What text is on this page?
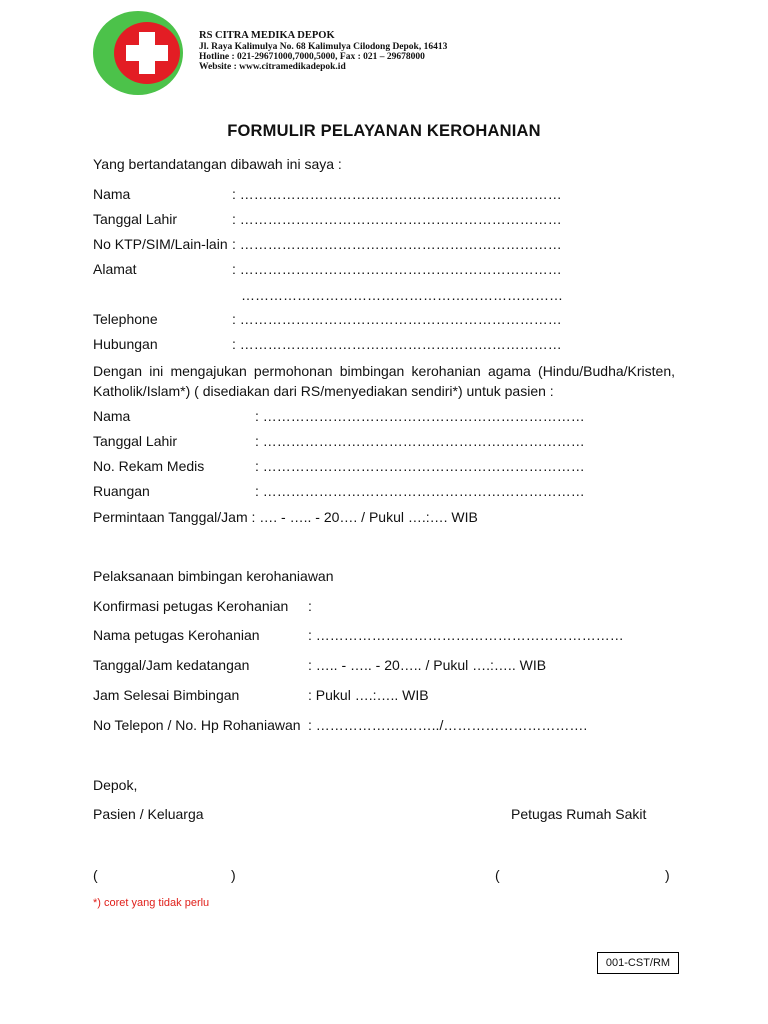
RS CITRA MEDIKA DEPOK
Jl. Raya Kalimulya No. 68 Kalimulya Cilodong Depok, 16413
Hotline : 021-29671000,7000,5000, Fax : 021 – 29678000
Website : www.citramedikadepok.id
FORMULIR PELAYANAN KEROHANIAN
Yang bertandatangan dibawah ini saya :
Nama	: ……………………………………………………………
Tanggal Lahir	: ……………………………………………………………
No KTP/SIM/Lain-lain : ……………………………………………………………
Alamat	: ……………………………………………………………
……………………………………………………………
Telephone	: ……………………………………………………………
Hubungan	: ……………………………………………………………
Dengan ini mengajukan permohonan bimbingan kerohanian agama (Hindu/Budha/Kristen, Katholik/Islam*) ( disediakan dari RS/menyediakan sendiri*) untuk pasien :
Nama	: ……………………………………………………………
Tanggal Lahir	: ……………………………………………………………
No. Rekam Medis	: ……………………………………………………………
Ruangan	: ……………………………………………………………
Permintaan Tanggal/Jam : …. - ….. - 20…. / Pukul ….:…. WIB
Pelaksanaan bimbingan kerohaniawan
Konfirmasi petugas Kerohanian :
Nama petugas Kerohanian	: …………………………………………………………
Tanggal/Jam kedatangan	: ….. - ….. - 20….. / Pukul ….:….. WIB
Jam Selesai Bimbingan	: Pukul ….:….. WIB
No Telepon / No. Hp Rohaniawan : ……………….……../………………………….
Depok,
Pasien / Keluarga	Petugas Rumah Sakit
(	)	(	)
*) coret yang tidak perlu
001-CST/RM
